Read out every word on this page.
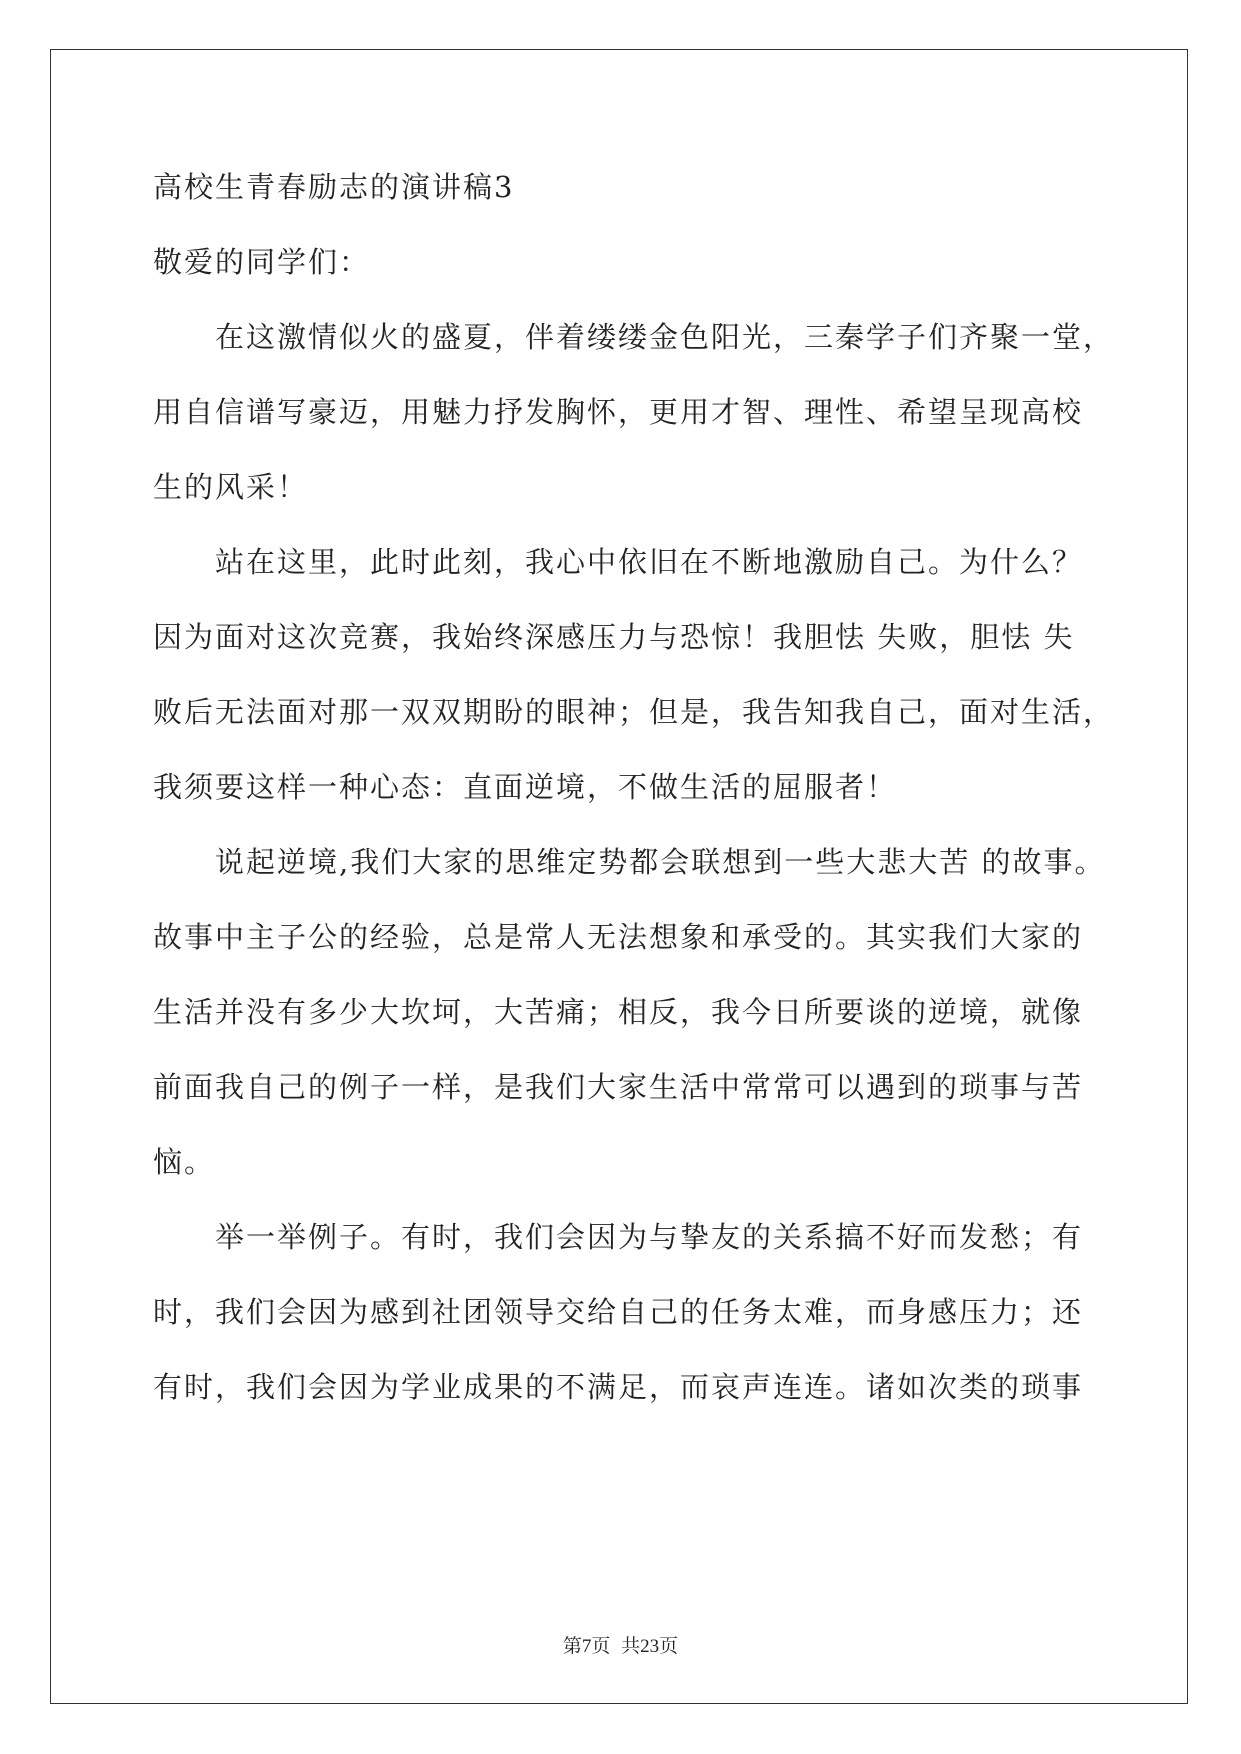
高校生青春励志的演讲稿3
敬爱的同学们：
在这激情似火的盛夏，伴着缕缕金色阳光，三秦学子们齐聚一堂，
用自信谱写豪迈，用魅力抒发胸怀，更用才智、理性、希望呈现高校
生的风采！
站在这里，此时此刻，我心中依旧在不断地激励自己。为什么？
因为面对这次竞赛，我始终深感压力与恐惊！我胆怯 失败，胆怯 失
败后无法面对那一双双期盼的眼神；但是，我告知我自己，面对生活，
我须要这样一种心态：直面逆境，不做生活的屈服者！
说起逆境,我们大家的思维定势都会联想到一些大悲大苦 的故事。
故事中主子公的经验，总是常人无法想象和承受的。其实我们大家的
生活并没有多少大坎坷，大苦痛；相反，我今日所要谈的逆境，就像
前面我自己的例子一样，是我们大家生活中常常可以遇到的琐事与苦
恼。
举一举例子。有时，我们会因为与挚友的关系搞不好而发愁；有
时，我们会因为感到社团领导交给自己的任务太难，而身感压力；还
有时，我们会因为学业成果的不满足，而哀声连连。诸如次类的琐事
第7页 共23页
